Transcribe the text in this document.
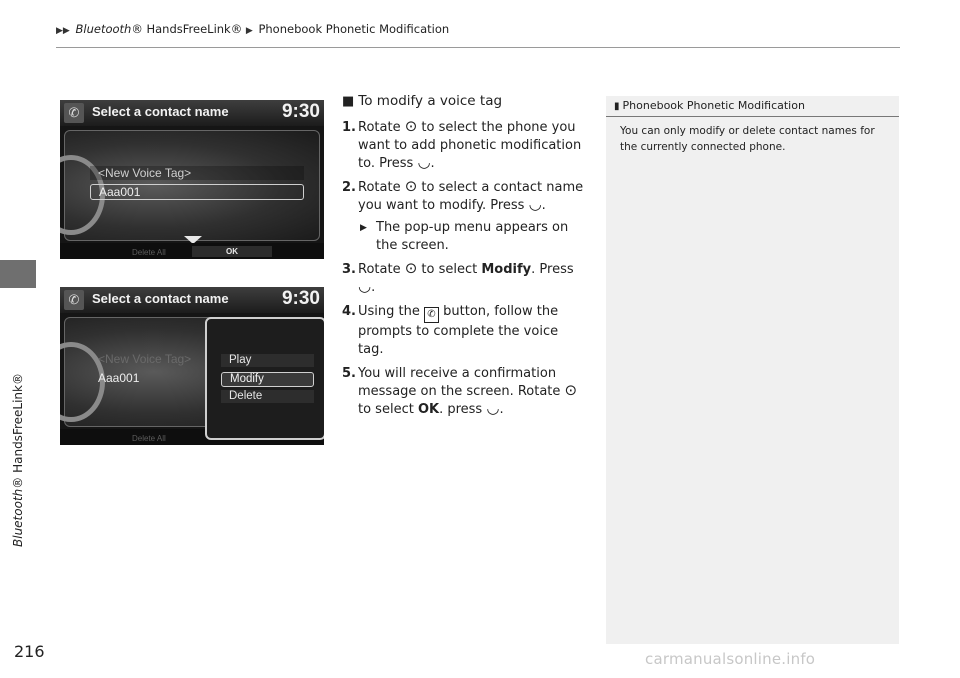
▶▶ Bluetooth® HandsFreeLink® ▶ Phonebook Phonetic Modification
Bluetooth® HandsFreeLink®
216
✆ Select a contact name	9:30
<New Voice Tag>
Aaa001
Delete All	OK
✆ Select a contact name	9:30
<New Voice Tag>
Aaa001
Delete All
Play
Modify
Delete
■ To modify a voice tag
1. Rotate ⊙ to select the phone you want to add phonetic modification to. Press ◡.
2. Rotate ⊙ to select a contact name you want to modify. Press ◡.
▶ The pop-up menu appears on the screen.
3. Rotate ⊙ to select Modify. Press ◡.
4. Using the ✆ button, follow the prompts to complete the voice tag.
5. You will receive a confirmation message on the screen. Rotate ⊙ to select OK. press ◡.
▮ Phonebook Phonetic Modification
You can only modify or delete contact names for the currently connected phone.
carmanualsonline.info
